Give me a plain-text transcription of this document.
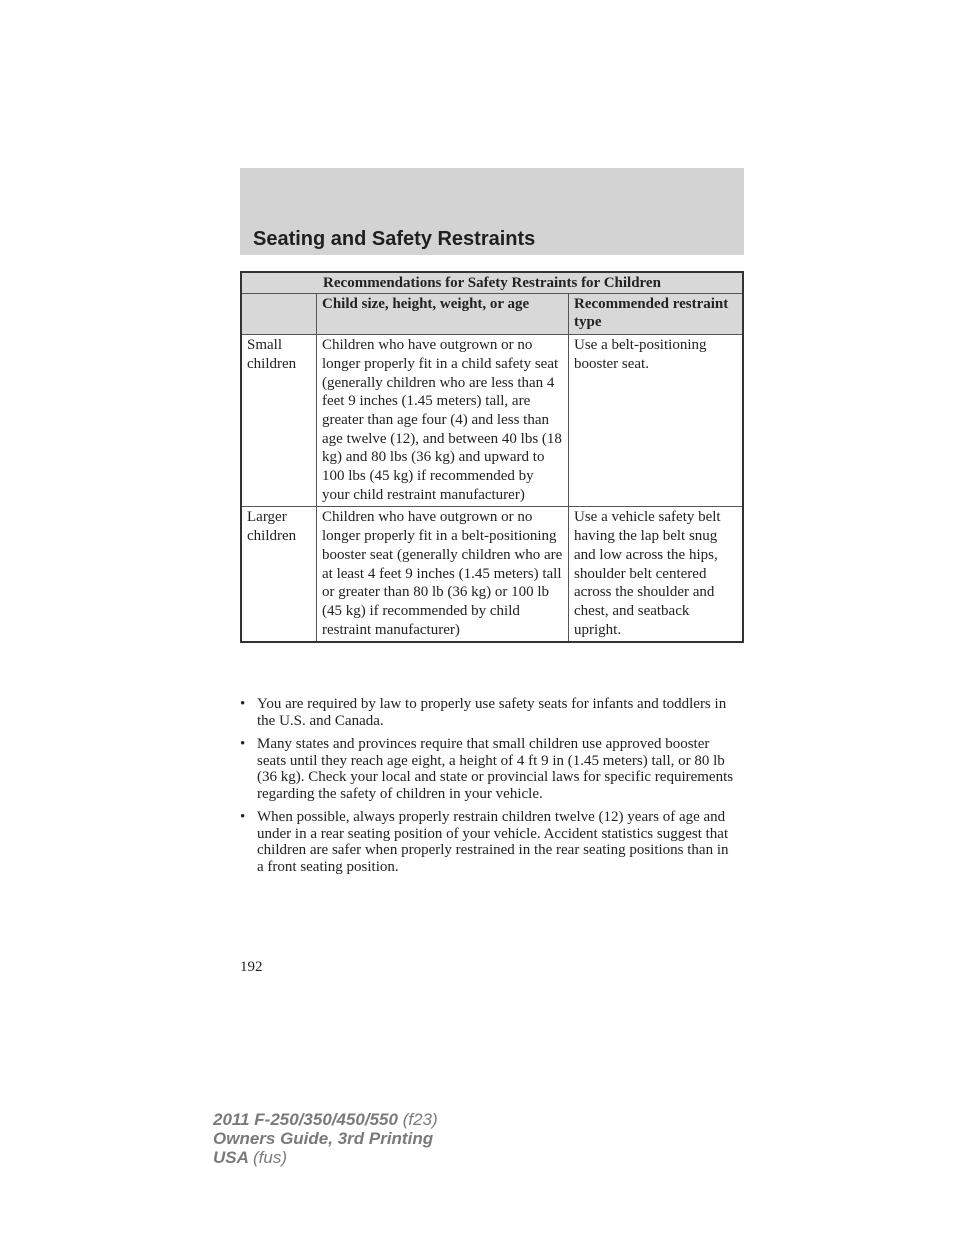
Seating and Safety Restraints
Recommendations for Safety Restraints for Children		
	Child size, height, weight, or age	Recommended restraint type
Small children	Children who have outgrown or no longer properly fit in a child safety seat (generally children who are less than 4 feet 9 inches (1.45 meters) tall, are greater than age four (4) and less than age twelve (12), and between 40 lbs (18 kg) and 80 lbs (36 kg) and upward to 100 lbs (45 kg) if recommended by your child restraint manufacturer)	Use a belt-positioning booster seat.
Larger children	Children who have outgrown or no longer properly fit in a belt-positioning booster seat (generally children who are at least 4 feet 9 inches (1.45 meters) tall or greater than 80 lb (36 kg) or 100 lb (45 kg) if recommended by child restraint manufacturer)	Use a vehicle safety belt having the lap belt snug and low across the hips, shoulder belt centered across the shoulder and chest, and seatback upright.
• You are required by law to properly use safety seats for infants and toddlers in the U.S. and Canada.
• Many states and provinces require that small children use approved booster seats until they reach age eight, a height of 4 ft 9 in (1.45 meters) tall, or 80 lb (36 kg). Check your local and state or provincial laws for specific requirements regarding the safety of children in your vehicle.
• When possible, always properly restrain children twelve (12) years of age and under in a rear seating position of your vehicle. Accident statistics suggest that children are safer when properly restrained in the rear seating positions than in a front seating position.
192
2011 F-250/350/450/550 (f23)
Owners Guide, 3rd Printing
USA (fus)
